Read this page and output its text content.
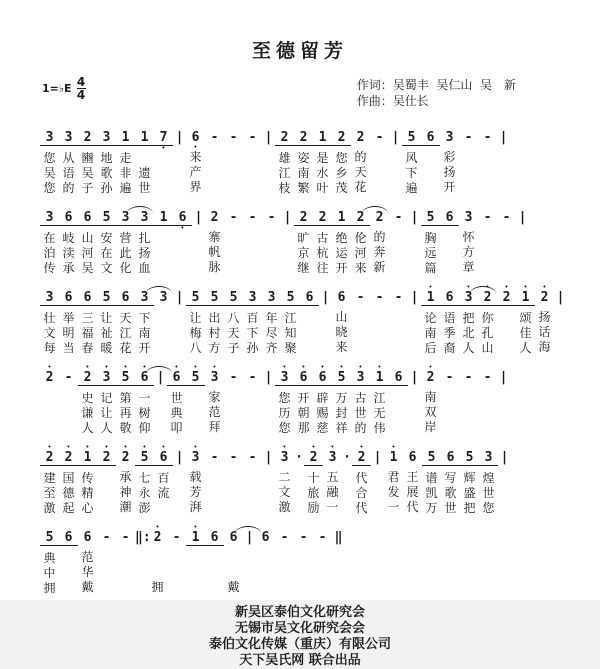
至德留芳
1=♭E 4
4
作词：吴蜀丰  吴仁山  吴　新
作曲：吴仕长

3

您
吴
您

3

从
语
的

2

豳
吴
子

3

地
歌
孙

1

走
非
遍

1

遗
世

7
•

|

6
•
来
产
界

-

-

-

|

2

雄
江
枝

2

姿
南
繁

1

是
水
叶

2

您
乡
茂

2

的
天
花

-

|

5

风
下
遍

6

3

彩
扬
开

-

-

|

3

在
泊
传

6

岐
渎
承

6

山
河
吴

5

安
在
文

3

营
此
化

3

扎
扬
血

1

6
•

|

2

寨
帆
脉

-

-

-

|

2

旷
京
继

2

古
杭
往

1

绝
运
开

2

伦
河
来

2

的
奔
新

-

|

5

胸
远
篇

6

3

怀
方
章

-

-

|

3

壮
文
每

6

举
明
当

6

三
福
春

5

让
祉
暖

6

天
江
花

3

下
南
开

3

|

5

让
梅
八

5

出
村
方

5

八
天
子

3

百
下
孙

3

年
尽
齐

5

江
知
聚

6

|

6

山
晓
来

-

-

-

|

•
1

论
南
后

6

语
季
裔
•
3

把
北
人
•
2

你
孔
山
•
2

•
1

颂
佳
人
•
2

扬
话
海

|

•
2

-

•
2

史
谦
人
•
3

记
让
人
•
5

第
再
敬
•
6

一
树
仰

|

•
6

世
典
叩
•
5

•
3

家
范
拜

-

-

|

•
3

您
历
您
•
6

开
朝
那
•
6

辟
赐
慈
•
5

万
封
祥
•
3

古
世
的
•
1

江
无
伟

6

|

•
2

南
双
岸

-

-

-

|

•
2

建
至
激
•
2

国
德
起
•
1

传
精
心
•
2

•
2

承
神
潮
•
5

七
永
澎
•
6

百
流

|

•
3

载
芳
湃

-

-

-

|

•
3

二
文
激

·

•
2

十
旅
励
•
3

五
融
一

·

•
2

代
合
代

|

•
1

君
发
一

6

王
展
代

5

谱
凯
万

6

写
歌
世

5

辉
盛
把

3

煌
世
您

|

5

典
中
拥

6

6

范
华
戴

-

-

‖:

•
2

拥

-

•
1

6

6

戴

|

6

-

-

-

‖

新吴区泰伯文化研究会
无锡市吴文化研究会会
泰伯文化传媒（重庆）有限公司
天下吴氏网 联合出品
